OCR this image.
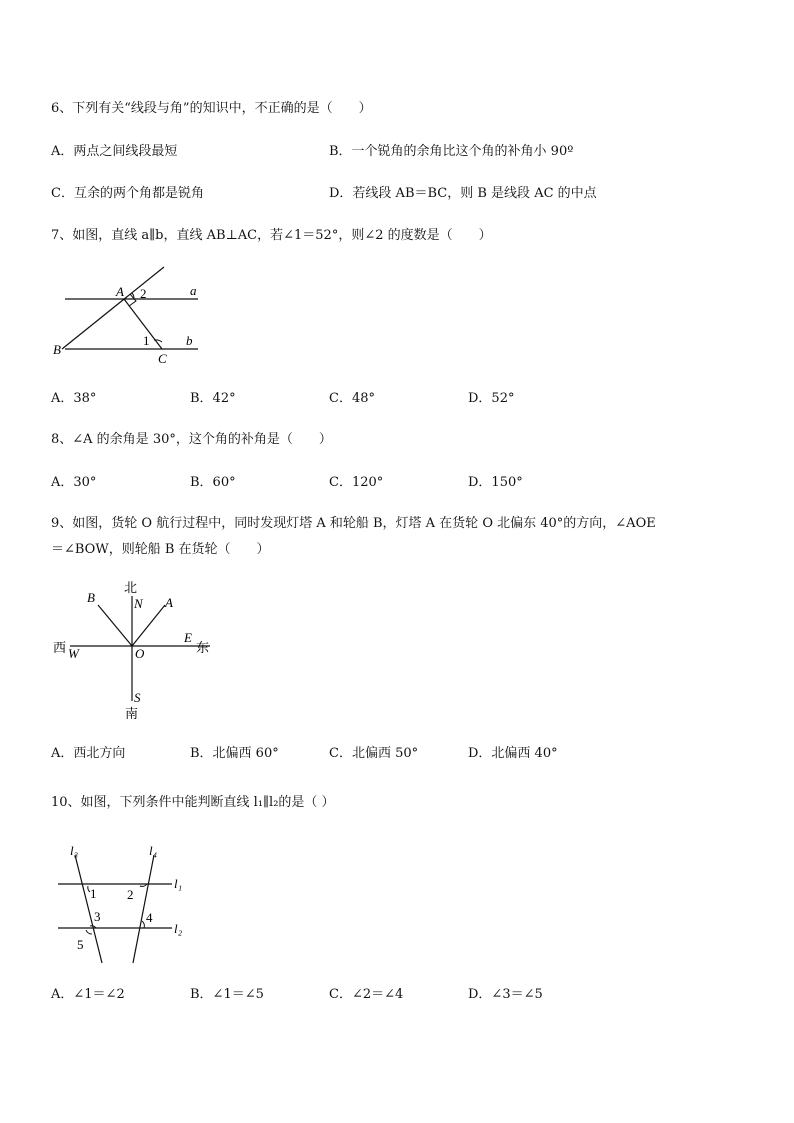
6、下列有关“线段与角”的知识中，不正确的是（　　）
A．两点之间线段最短	B．一个锐角的余角比这个角的补角小 90º
C．互余的两个角都是锐角	D．若线段 AB＝BC，则 B 是线段 AC 的中点
7、如图，直线 a∥b，直线 AB⊥AC，若∠1＝52°，则∠2 的度数是（　　）
A 2	a
B
1	b
C
A．38°	B．42°	C．48°	D．52°
8、∠A 的余角是 30°，这个角的补角是（　　）
A．30°	B．60°	C．120°	D．150°
9、如图，货轮 O 航行过程中，同时发现灯塔 A 和轮船 B，灯塔 A 在货轮 O 北偏东 40°的方向，∠AOE
＝∠BOW，则轮船 B 在货轮（　　）
北
B	N A
E
东
西 W	O
S
南
A．西北方向	B．北偏西 60°	C．北偏西 50°	D．北偏西 40°
10、如图，下列条件中能判断直线 l₁∥l₂的是（ ）
l₃	l₄
l₁
l₂
1 2
3	4
5
A．∠1＝∠2	B．∠1＝∠5	C．∠2＝∠4	D．∠3＝∠5
